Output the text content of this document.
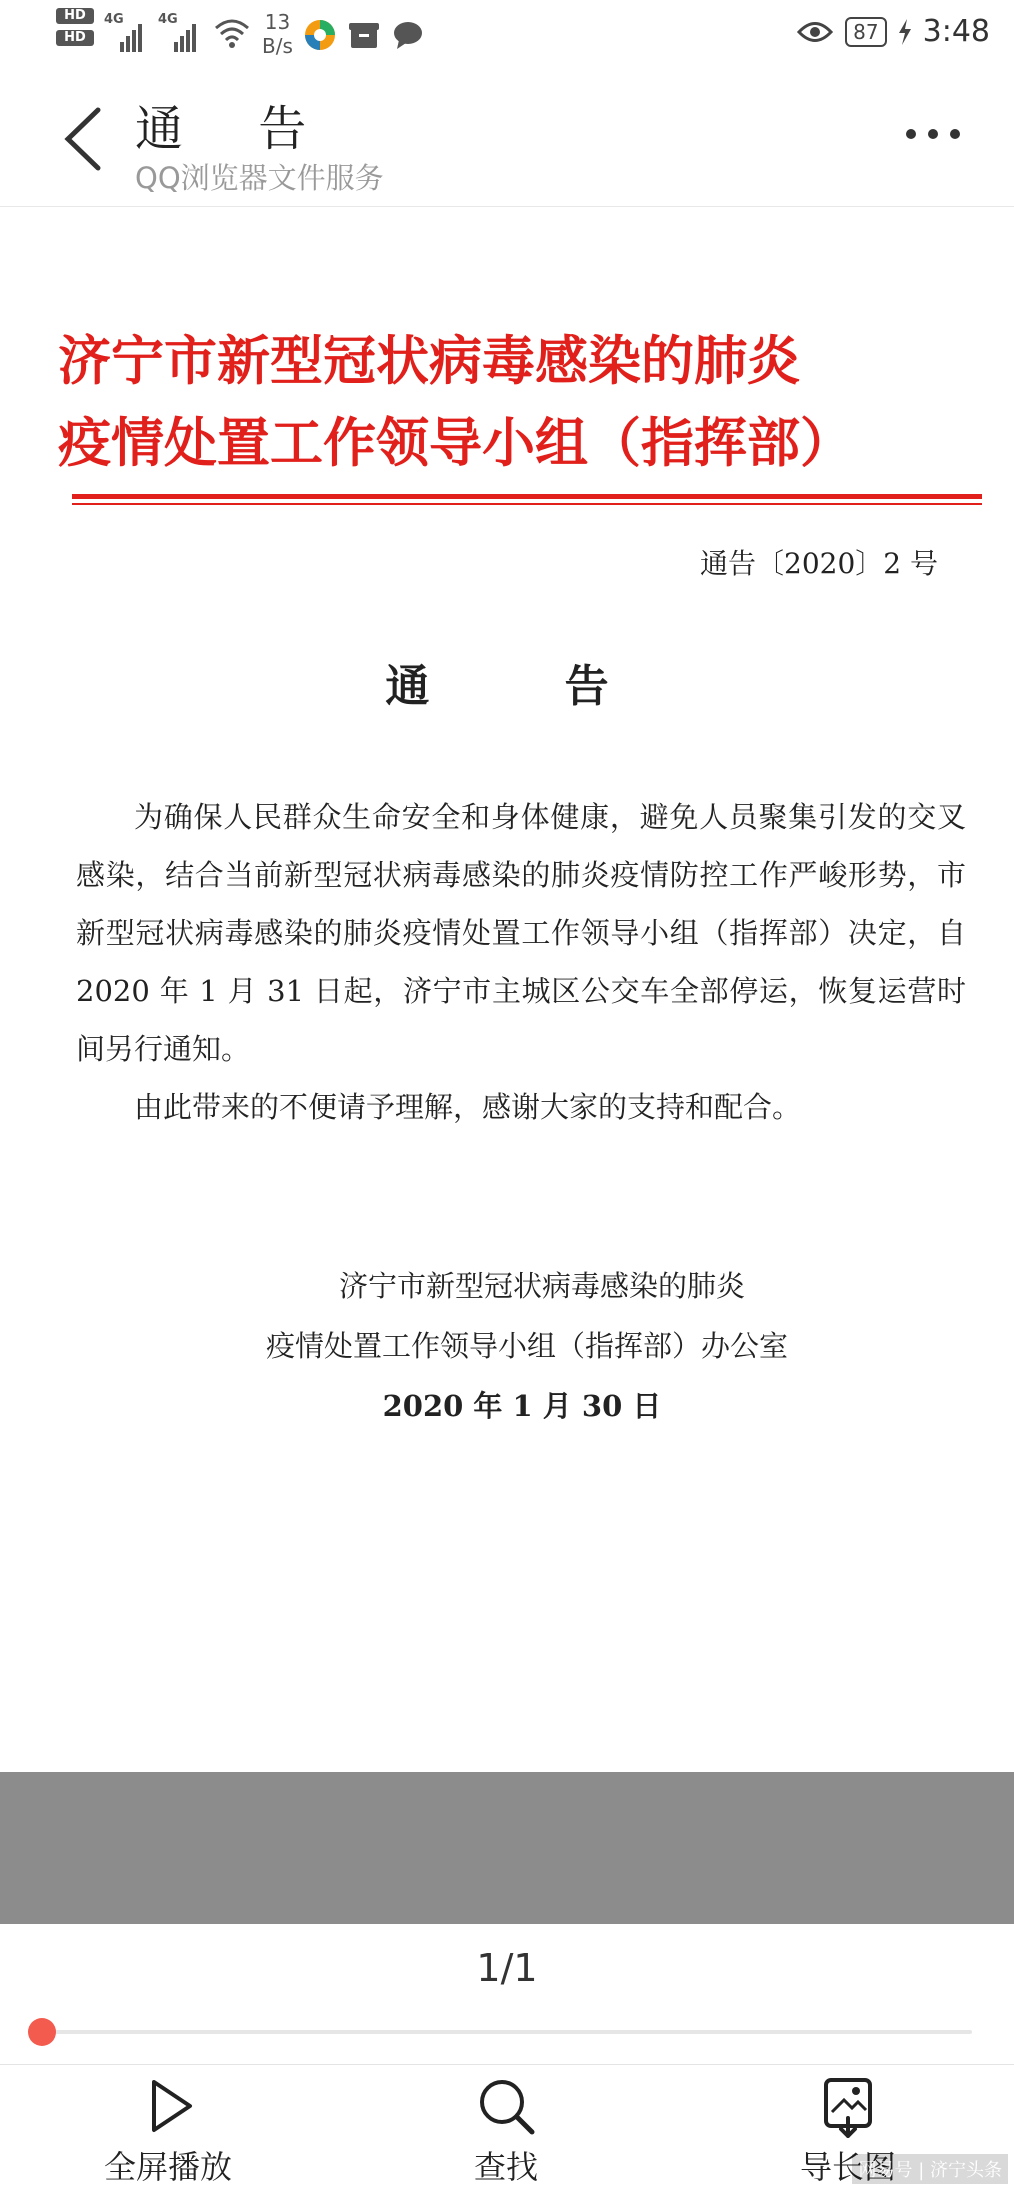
HD
HD
4G	4G	13
B/s
87 3:48
通 告
QQ浏览器文件服务
济宁市新型冠状病毒感染的肺炎
疫情处置工作领导小组（指挥部）
通告〔2020〕2 号
通 告

为确保人民群众生命安全和身体健康，避免人员聚集引发的交叉感染，结合当前新型冠状病毒感染的肺炎疫情防控工作严峻形势，市新型冠状病毒感染的肺炎疫情处置工作领导小组（指挥部）决定，自 2020 年 1 月 31 日起，济宁市主城区公交车全部停运，恢复运营时间另行通知。

由此带来的不便请予理解，感谢大家的支持和配合。

济宁市新型冠状病毒感染的肺炎
疫情处置工作领导小组（指挥部）办公室
2020 年 1 月 30 日
1/1
全屏播放	查找	导长图
网易号 | 济宁头条
